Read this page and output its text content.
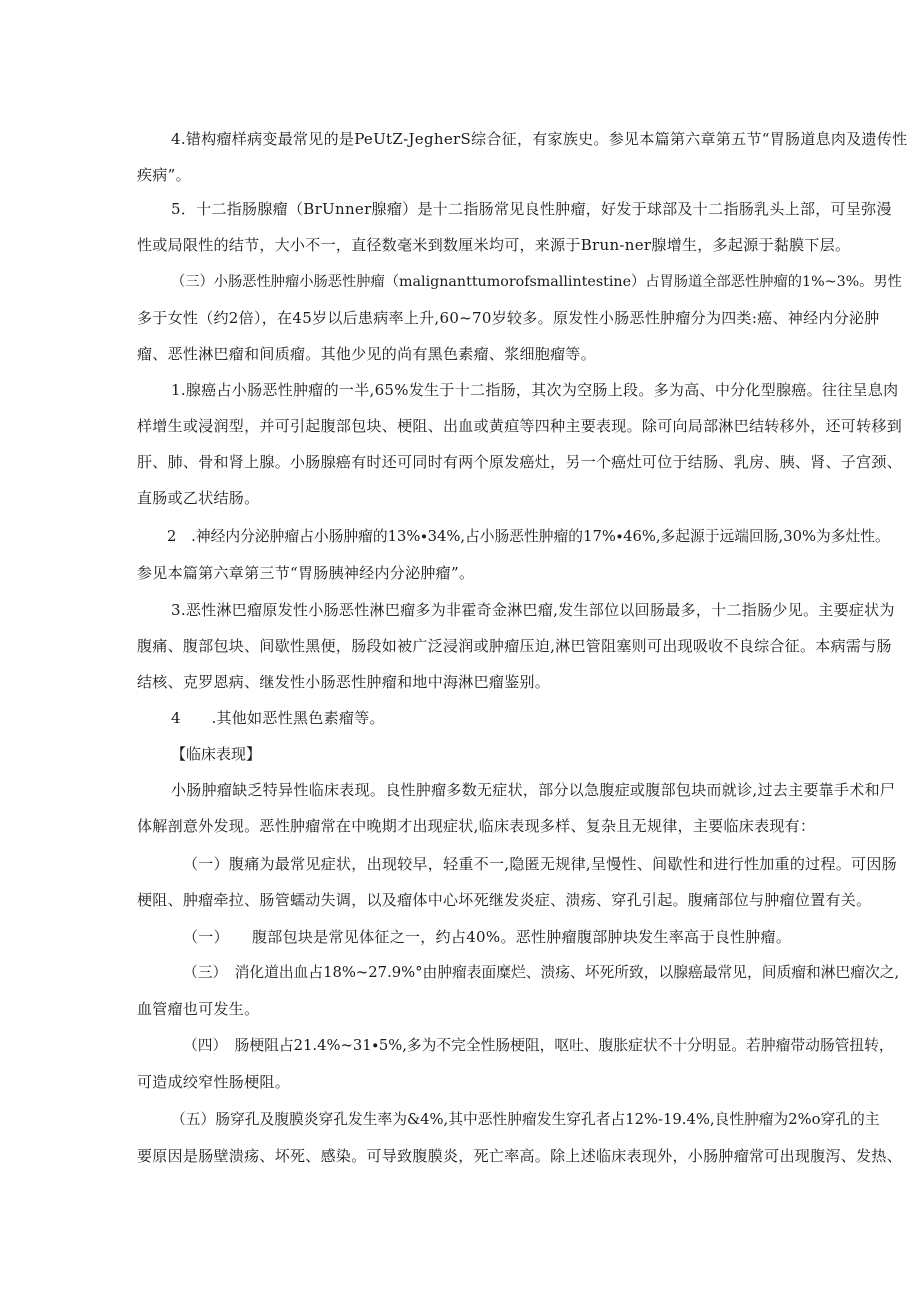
4.错构瘤样病变最常见的是PeUtZ-JegherS综合征，有家族史。参见本篇第六章第五节“胃肠道息肉及遗传性
疾病”。
5．十二指肠腺瘤（BrUnner腺瘤）是十二指肠常见良性肿瘤，好发于球部及十二指肠乳头上部，可呈弥漫
性或局限性的结节，大小不一，直径数毫米到数厘米均可，来源于Brun-ner腺增生，多起源于黏膜下层。
（三）小肠恶性肿瘤小肠恶性肿瘤（malignanttumorofsmallintestine）占胃肠道全部恶性肿瘤的1%~3%。男性
多于女性（约2倍），在45岁以后患病率上升,60~70岁较多。原发性小肠恶性肿瘤分为四类:癌、神经内分泌肿
瘤、恶性淋巴瘤和间质瘤。其他少见的尚有黑色素瘤、浆细胞瘤等。
1.腺癌占小肠恶性肿瘤的一半,65%发生于十二指肠，其次为空肠上段。多为高、中分化型腺癌。往往呈息肉
样增生或浸润型，并可引起腹部包块、梗阻、出血或黄疸等四种主要表现。除可向局部淋巴结转移外，还可转移到
肝、肺、骨和肾上腺。小肠腺癌有时还可同时有两个原发癌灶，另一个癌灶可位于结肠、乳房、胰、肾、子宫颈、
直肠或乙状结肠。
2　.神经内分泌肿瘤占小肠肿瘤的13%∙34%,占小肠恶性肿瘤的17%∙46%,多起源于远端回肠,30%为多灶性。
参见本篇第六章第三节“胃肠胰神经内分泌肿瘤”。
3.恶性淋巴瘤原发性小肠恶性淋巴瘤多为非霍奇金淋巴瘤,发生部位以回肠最多，十二指肠少见。主要症状为
腹痛、腹部包块、间歇性黑便，肠段如被广泛浸润或肿瘤压迫,淋巴管阻塞则可出现吸收不良综合征。本病需与肠
结核、克罗恩病、继发性小肠恶性肿瘤和地中海淋巴瘤鉴别。
4　　.其他如恶性黑色素瘤等。
【临床表现】
小肠肿瘤缺乏特异性临床表现。良性肿瘤多数无症状，部分以急腹症或腹部包块而就诊,过去主要靠手术和尸
体解剖意外发现。恶性肿瘤常在中晚期才出现症状,临床表现多样、复杂且无规律，主要临床表现有：
（一）腹痛为最常见症状，出现较早，轻重不一,隐匿无规律,呈慢性、间歇性和进行性加重的过程。可因肠
梗阻、肿瘤牵拉、肠管蠕动失调，以及瘤体中心坏死继发炎症、溃疡、穿孔引起。腹痛部位与肿瘤位置有关。
（一）　　腹部包块是常见体征之一，约占40%。恶性肿瘤腹部肿块发生率高于良性肿瘤。
（三）　消化道出血占18%~27.9%°由肿瘤表面糜烂、溃疡、坏死所致，以腺癌最常见，间质瘤和淋巴瘤次之,
血管瘤也可发生。
（四）　肠梗阻占21.4%~31∙5%,多为不完全性肠梗阻，呕吐、腹胀症状不十分明显。若肿瘤带动肠管扭转，
可造成绞窄性肠梗阻。
（五）肠穿孔及腹膜炎穿孔发生率为&4%,其中恶性肿瘤发生穿孔者占12%-19.4%,良性肿瘤为2%o穿孔的主
要原因是肠壁溃疡、坏死、感染。可导致腹膜炎，死亡率高。除上述临床表现外，小肠肿瘤常可出现腹泻、发热、
